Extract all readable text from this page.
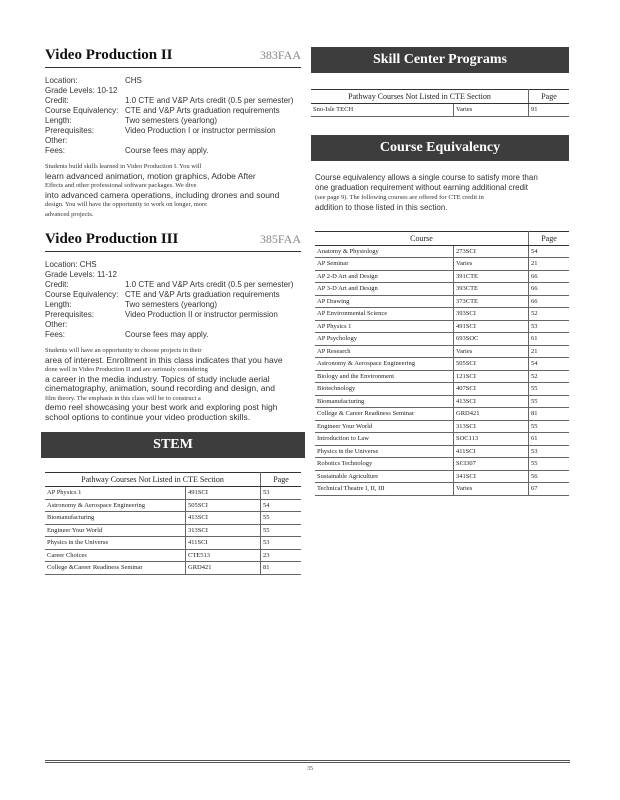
Video Production II	383FAA
Location:	CHS
Grade Levels: 10-12
Credit:	1.0 CTE and V&P Arts credit (0.5 per semester)
Course Equivalency: CTE and V&P Arts graduation requirements
Length:	Two semesters (yearlong)
Prerequisites:	Video Production I or instructor permission
Other:
Fees:	Course fees may apply.
Students build skills learned in Video Production I. You will
learn advanced animation, motion graphics, Adobe After
Effects and other professional software packages. We dive
into advanced camera operations, including drones and sound
design. You will have the opportunity to work on longer, more
advanced projects.
Video Production III	385FAA
Location: CHS
Grade Levels: 11-12
Credit:	1.0 CTE and V&P Arts credit (0.5 per semester)
Course Equivalency: CTE and V&P Arts graduation requirements
Length:	Two semesters (yearlong)
Prerequisites:	Video Production II or instructor permission
Other:
Fees:	Course fees may apply.
Students will have an opportunity to choose projects in their
area of interest. Enrollment in this class indicates that you have
done well in Video Production II and are seriously considering
a career in the media industry. Topics of study include aerial
cinematography, animation, sound recording and design, and
film theory. The emphasis in this class will be to construct a
demo reel showcasing your best work and exploring post high
school options to continue your video production skills.
STEM
Pathway Courses Not Listed in CTE Section		Page
AP Physics 1	491SCI	53
Astronomy & Aerospace Engineering	505SCI	54
Biomanufacturing	413SCI	55
Engineer Your World	313SCI	55
Physics in the Universe	411SCI	53
Career Choices	CTE513	23
College &Career Readiness Seminar	GRD421	81
Skill Center Programs
Pathway Courses Not Listed in CTE Section		Page
Sno-Isle TECH	Varies	91
Course Equivalency
Course equivalency allows a single course to satisfy more than
one graduation requirement without earning additional credit
(see page 9). The following courses are offered for CTE credit in
addition to those listed in this section.
Course		Page
Anatomy & Physiology	273SCI	54
AP Seminar	Varies	21
AP 2-D Art and Design	391CTE	66
AP 3-D Art and Design	393CTE	66
AP Drawing	373CTE	66
AP Environmental Science	393SCI	52
AP Physics 1	491SCI	53
AP Psychology	693SOC	61
AP Research	Varies	21
Astronomy & Aerospace Engineering	505SCI	54
Biology and the Environment	121SCI	52
Biotechnology	407SCI	55
Biomanufacturing	413SCI	55
College & Career Readiness Seminar	GRD421	81
Engineer Your World	313SCI	55
Introduction to Law	SOC113	61
Physics in the Universe	411SCI	53
Robotics Technology	SCI307	55
Sustainable Agriculture	341SCI	56
Technical Theatre I, II, III	Varies	67
35
